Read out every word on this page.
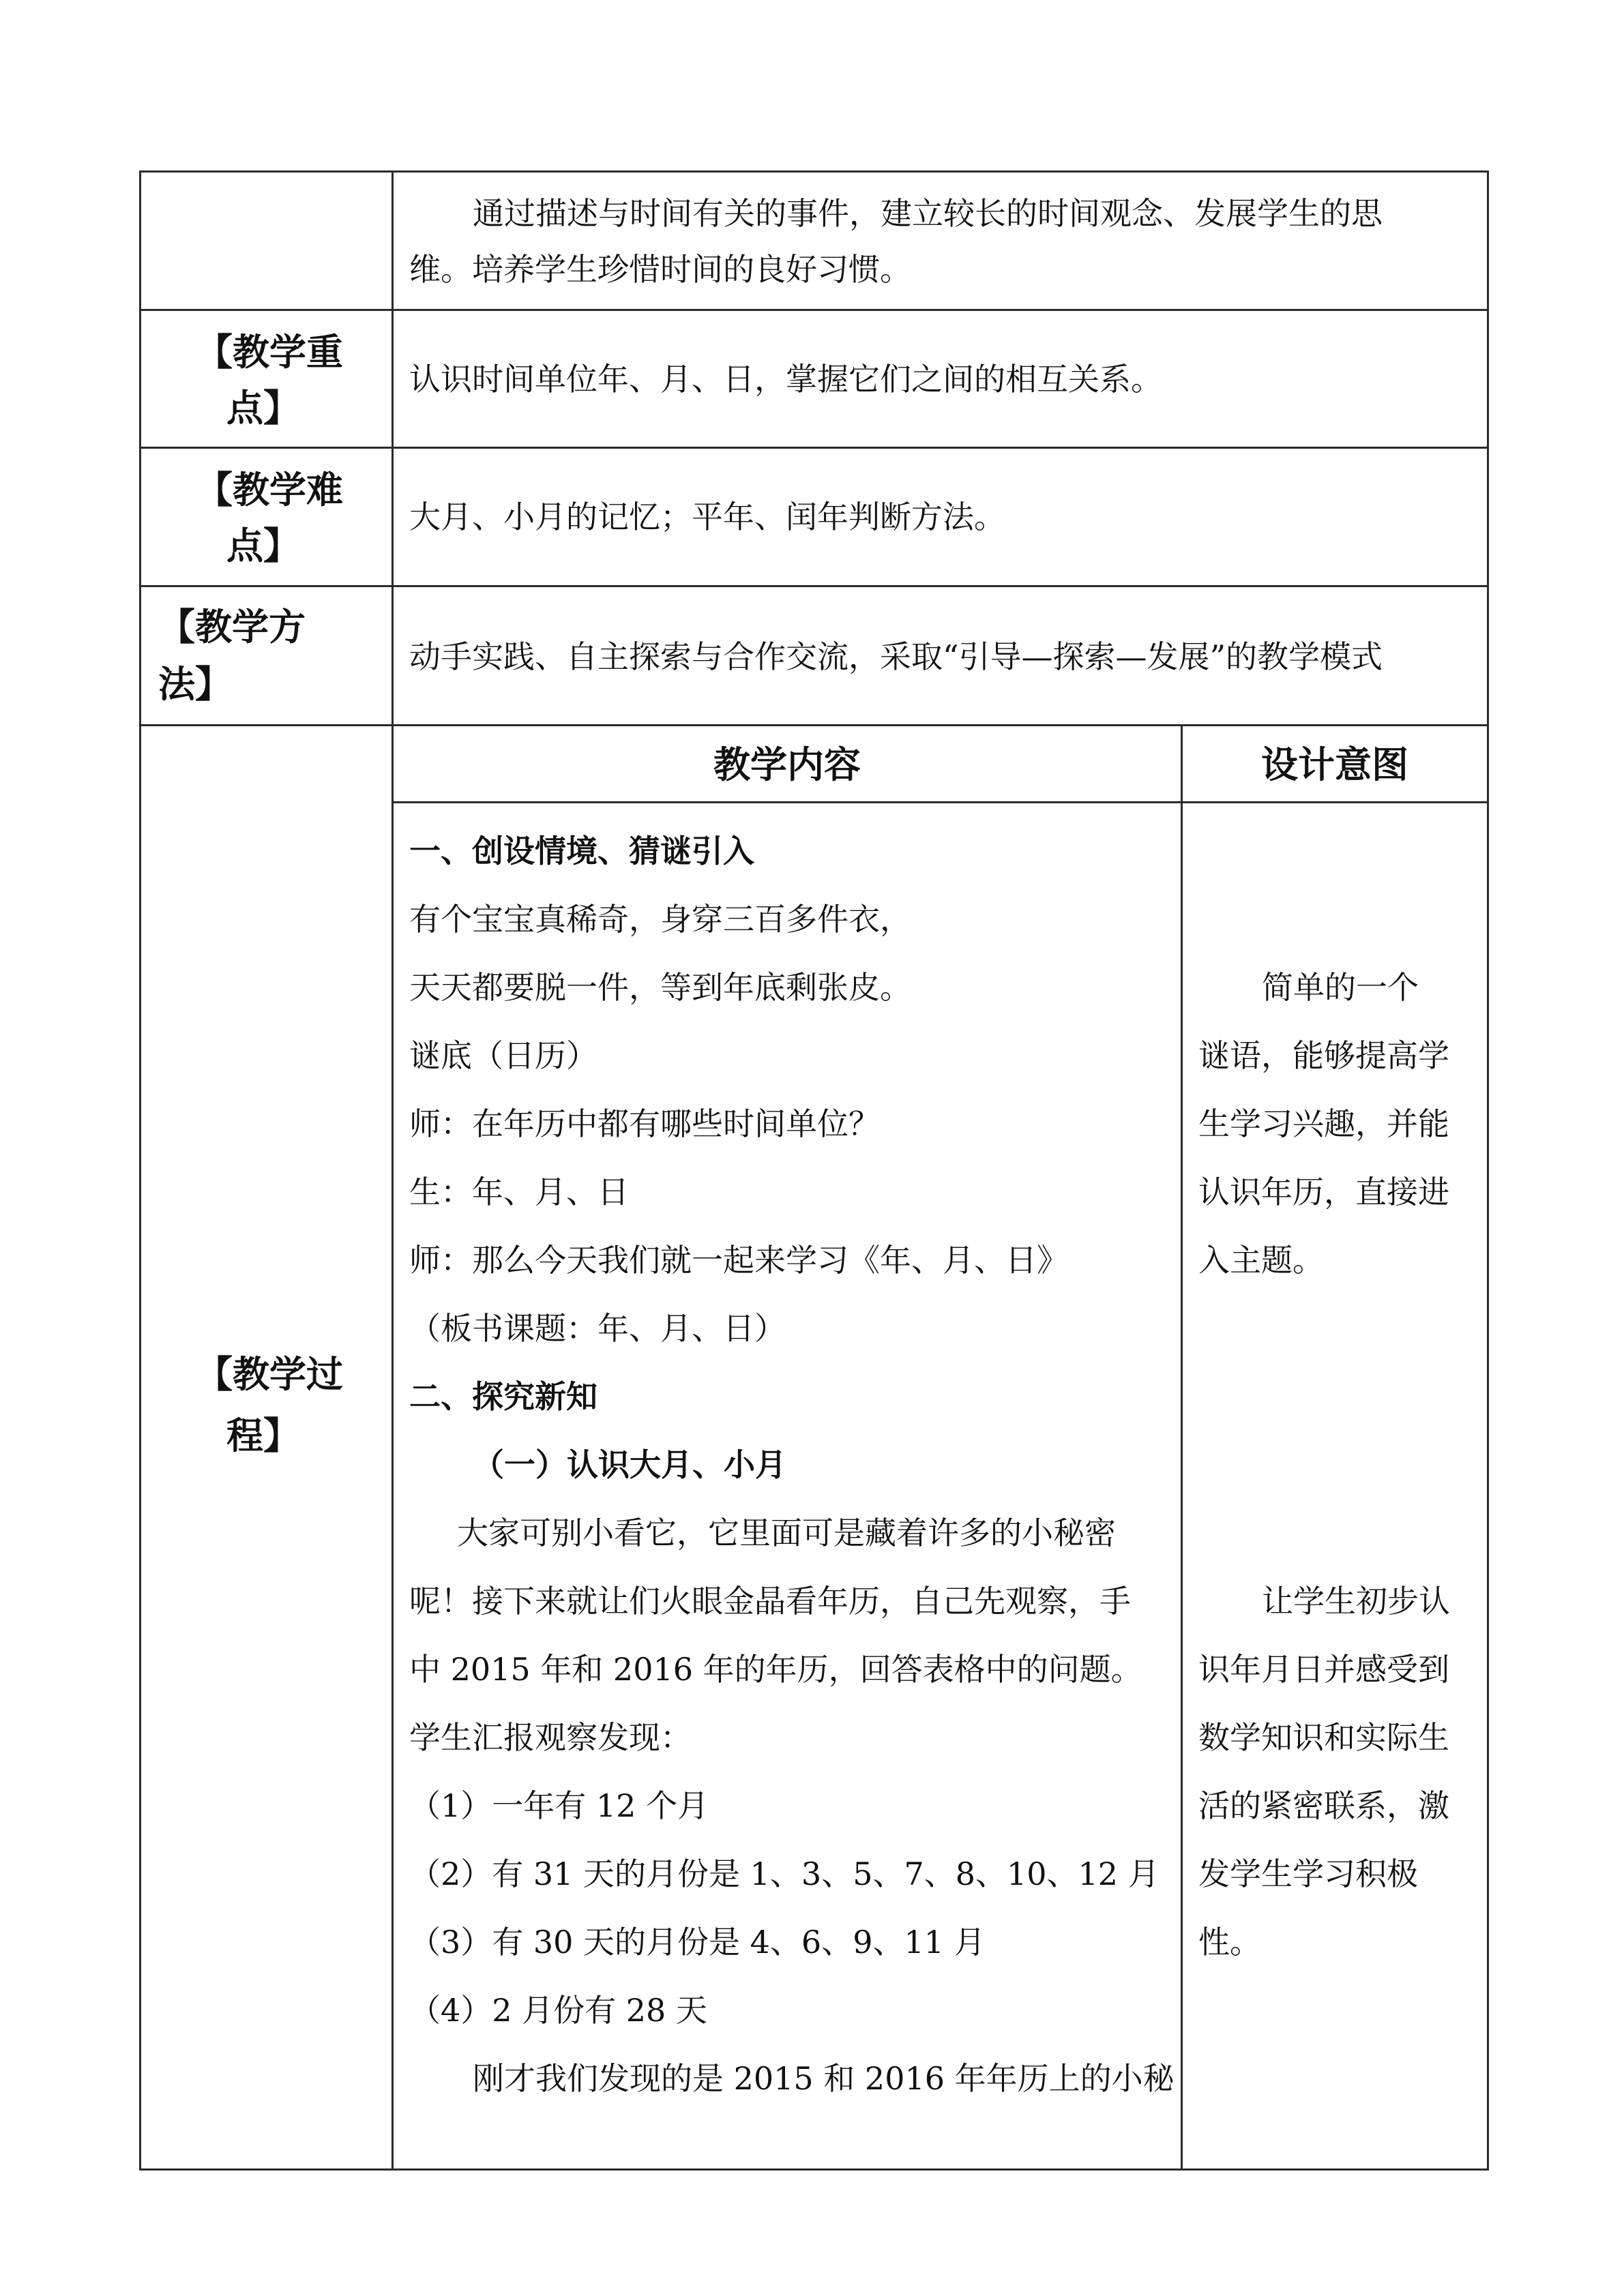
通过描述与时间有关的事件，建立较长的时间观念、发展学生的思
维。培养学生珍惜时间的良好习惯。
【教学重
点】
认识时间单位年、月、日，掌握它们之间的相互关系。
【教学难
点】
大月、小月的记忆；平年、闰年判断方法。
【教学方
法】
动手实践、自主探索与合作交流，采取“引导—探索—发展”的教学模式
【教学过
程】
教学内容	设计意图
一、创设情境、猜谜引入
有个宝宝真稀奇，身穿三百多件衣，
天天都要脱一件，等到年底剩张皮。
谜底（日历）
师：在年历中都有哪些时间单位？
生：年、月、日
师：那么今天我们就一起来学习《年、月、日》
（板书课题：年、月、日）
二、探究新知
（一）认识大月、小月
大家可别小看它，它里面可是藏着许多的小秘密
呢！接下来就让们火眼金晶看年历，自己先观察，手
中 2015 年和 2016 年的年历，回答表格中的问题。
学生汇报观察发现：
（1）一年有 12 个月
（2）有 31 天的月份是 1、3、5、7、8、10、12 月
（3）有 30 天的月份是 4、6、9、11 月
（4）2 月份有 28 天
刚才我们发现的是 2015 和 2016 年年历上的小秘
简单的一个
谜语，能够提高学
生学习兴趣，并能
认识年历，直接进
入主题。
让学生初步认
识年月日并感受到
数学知识和实际生
活的紧密联系，激
发学生学习积极
性。
